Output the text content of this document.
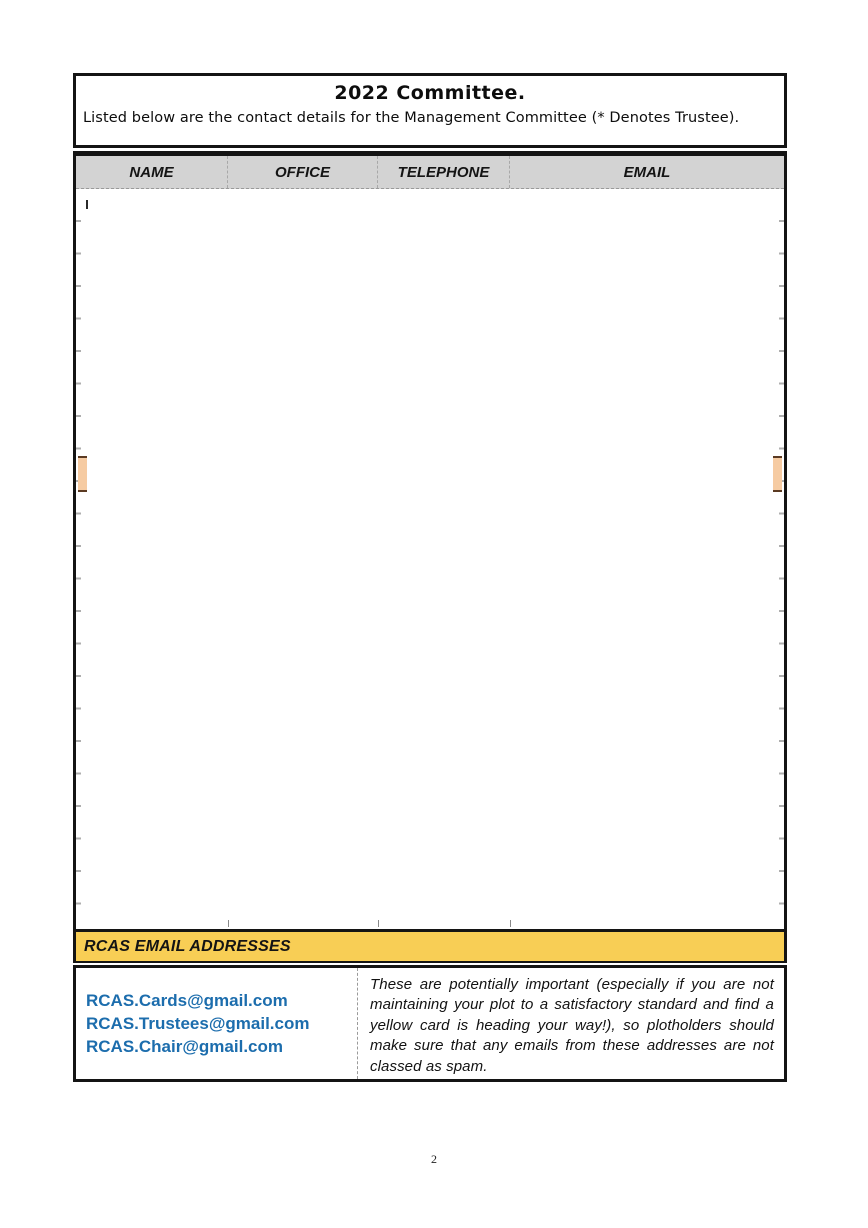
2022 Committee.
Listed below are the contact details for the Management Committee (* Denotes Trustee).
NAME	OFFICE	TELEPHONE	EMAIL
RCAS EMAIL ADDRESSES
RCAS.Cards@gmail.com
RCAS.Trustees@gmail.com
RCAS.Chair@gmail.com
These are potentially important (especially if you are not maintaining your plot to a satisfactory standard and find a yellow card is heading your way!), so plotholders should make sure that any emails from these addresses are not classed as spam.
2
